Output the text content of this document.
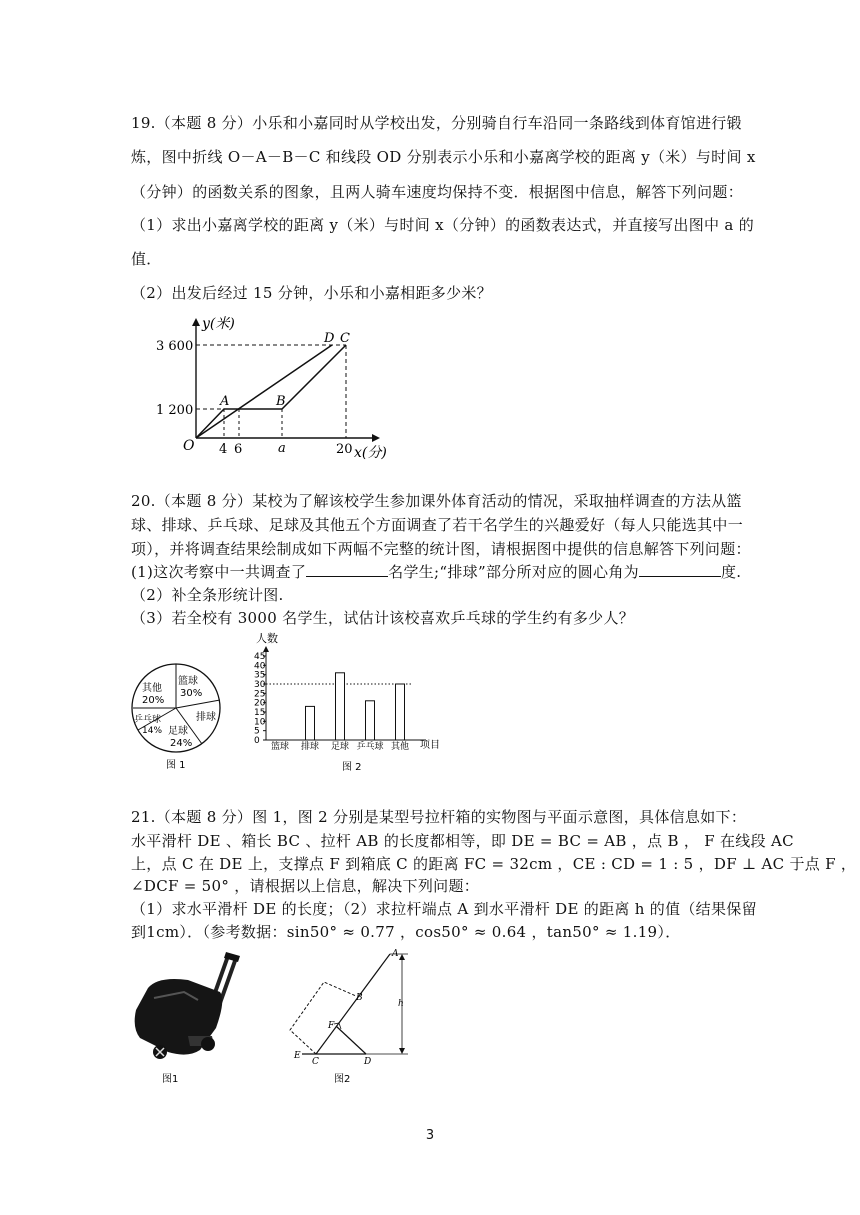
19.（本题 8 分）小乐和小嘉同时从学校出发，分别骑自行车沿同一条路线到体育馆进行锻
炼，图中折线 O－A－B－C 和线段 OD 分别表示小乐和小嘉离学校的距离 y（米）与时间 x
（分钟）的函数关系的图象，且两人骑车速度均保持不变．根据图中信息，解答下列问题：
（1）求出小嘉离学校的距离 y（米）与时间 x（分钟）的函数表达式，并直接写出图中 a 的
值．
（2）出发后经过 15 分钟，小乐和小嘉相距多少米？
y(米)
3 600
1 200
O 4 6	a	20 x(分)
A	B
D C
20.（本题 8 分）某校为了解该校学生参加课外体育活动的情况，采取抽样调查的方法从篮
球、排球、乒乓球、足球及其他五个方面调查了若干名学生的兴趣爱好（每人只能选其中一
项），并将调查结果绘制成如下两幅不完整的统计图，请根据图中提供的信息解答下列问题：
(1)这次考察中一共调查了	名学生;“排球”部分所对应的圆心角为	度.
（2）补全条形统计图.
（3）若全校有 3000 名学生，试估计该校喜欢乒乓球的学生约有多少人？
篮球
30%
排球
足球
24%
乒乓球
14%
其他
20%
图 1
人数
45
40
35
30
25
20
15
10
5
0
篮球 排球 足球 乒乓球 其他 项目
图 2
21.（本题 8 分）图 1，图 2 分别是某型号拉杆箱的实物图与平面示意图，具体信息如下：
水平滑杆 DE 、箱长 BC 、拉杆 AB 的长度都相等，即 DE = BC = AB ，点 B ， F 在线段 AC
上，点 C 在 DE 上，支撑点 F 到箱底 C 的距离 FC = 32cm ，CE : CD = 1 : 5 ，DF ⊥ AC 于点 F ，
∠DCF = 50° ，请根据以上信息，解决下列问题：
（1）求水平滑杆 DE 的长度；（2）求拉杆端点 A 到水平滑杆 DE 的距离 h 的值（结果保留
到1cm）．（参考数据：sin50° ≈ 0.77 ，cos50° ≈ 0.64 ，tan50° ≈ 1.19）．
图1
A
B
F
E
C	D
h
图2
3
